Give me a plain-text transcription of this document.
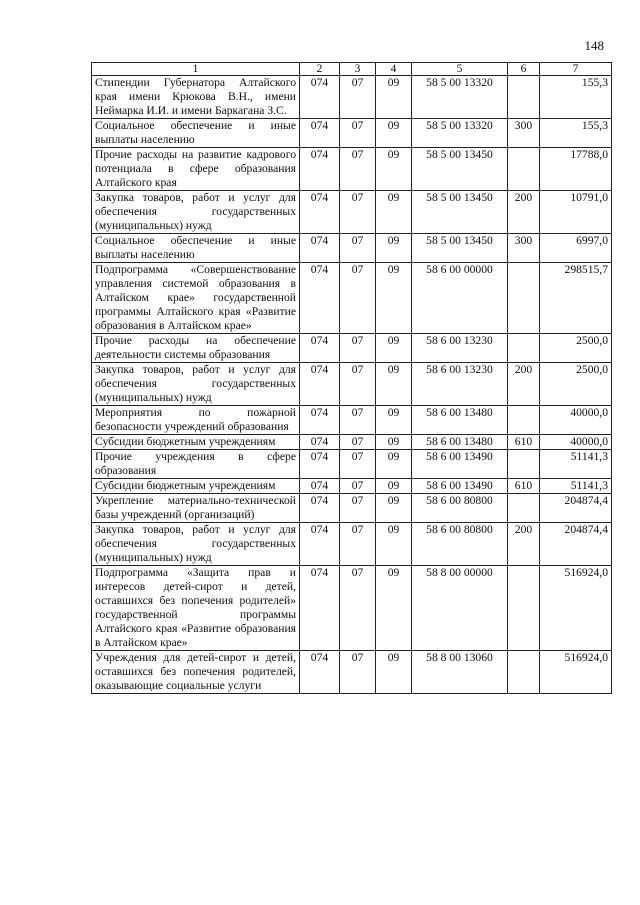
148
1	2	3	4	5	6	7
Стипендии Губернатора Алтайского края имени Крюкова В.Н., имени Неймарка И.И. и имени Баркагана З.С.	074	07	09	58 5 00 13320		155,3
Социальное обеспечение и иные выплаты населению	074	07	09	58 5 00 13320	300	155,3
Прочие расходы на развитие кадрового потенциала в сфере образования Алтайского края	074	07	09	58 5 00 13450		17788,0
Закупка товаров, работ и услуг для обеспечения государственных (муниципальных) нужд	074	07	09	58 5 00 13450	200	10791,0
Социальное обеспечение и иные выплаты населению	074	07	09	58 5 00 13450	300	6997,0
Подпрограмма «Совершенствование управления системой образования в Алтайском крае» государственной программы Алтайского края «Развитие образования в Алтайском крае»	074	07	09	58 6 00 00000		298515,7
Прочие расходы на обеспечение деятельности системы образования	074	07	09	58 6 00 13230		2500,0
Закупка товаров, работ и услуг для обеспечения государственных (муниципальных) нужд	074	07	09	58 6 00 13230	200	2500,0
Мероприятия по пожарной безопасности учреждений образования	074	07	09	58 6 00 13480		40000,0
Субсидии бюджетным учреждениям	074	07	09	58 6 00 13480	610	40000,0
Прочие учреждения в сфере образования	074	07	09	58 6 00 13490		51141,3
Субсидии бюджетным учреждениям	074	07	09	58 6 00 13490	610	51141,3
Укрепление материально-технической базы учреждений (организаций)	074	07	09	58 6 00 80800		204874,4
Закупка товаров, работ и услуг для обеспечения государственных (муниципальных) нужд	074	07	09	58 6 00 80800	200	204874,4
Подпрограмма «Защита прав и интересов детей-сирот и детей, оставшихся без попечения родителей» государственной программы Алтайского края «Развитие образования в Алтайском крае»	074	07	09	58 8 00 00000		516924,0
Учреждения для детей-сирот и детей, оставшихся без попечения родителей, оказывающие социальные услуги	074	07	09	58 8 00 13060		516924,0
